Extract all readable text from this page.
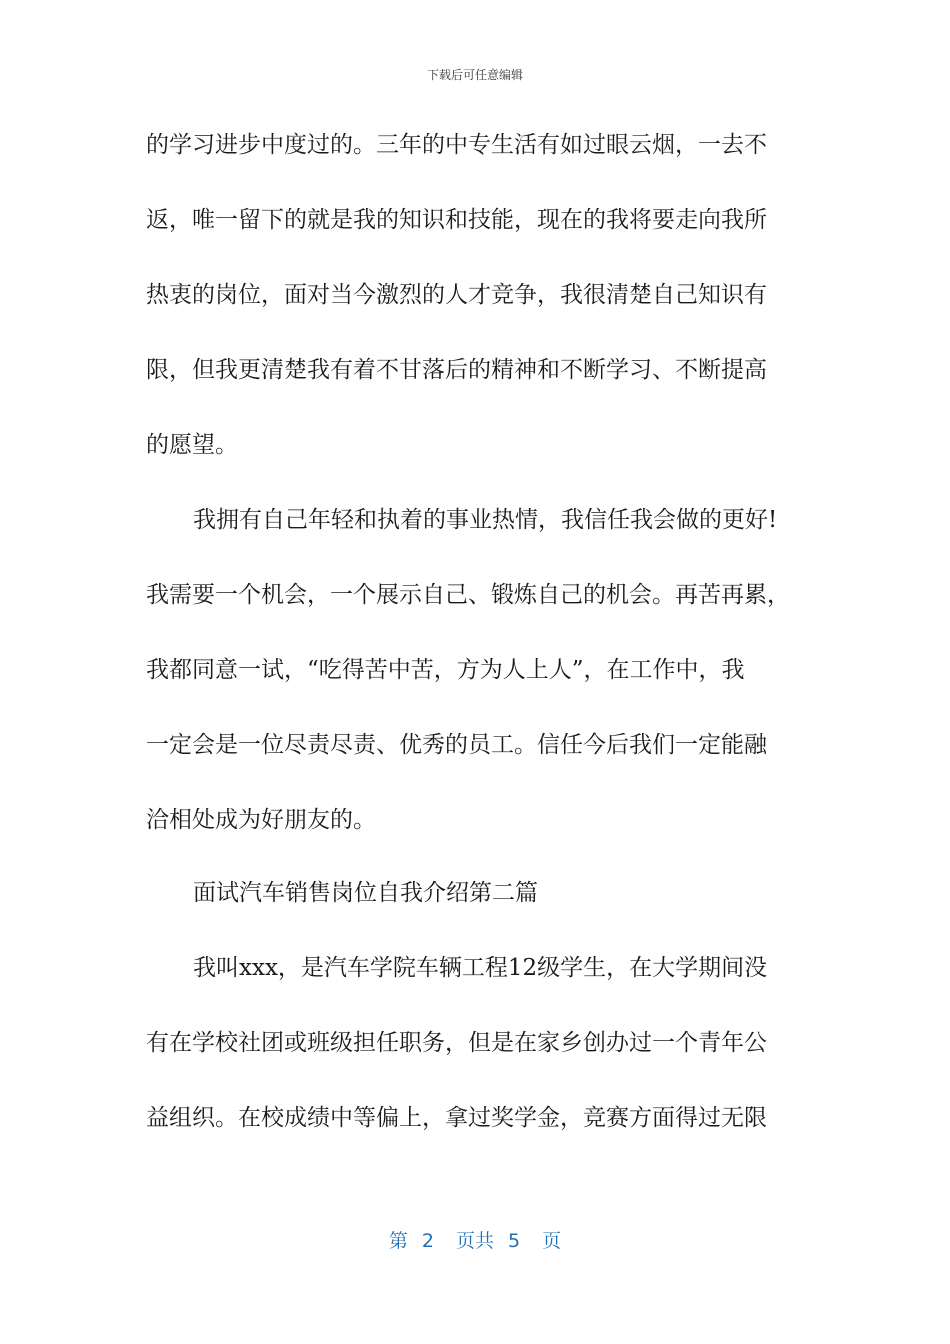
下载后可任意编辑
的学习进步中度过的。三年的中专生活有如过眼云烟，一去不
返，唯一留下的就是我的知识和技能，现在的我将要走向我所
热衷的岗位，面对当今激烈的人才竞争，我很清楚自己知识有
限，但我更清楚我有着不甘落后的精神和不断学习、不断提高
的愿望。
我拥有自己年轻和执着的事业热情，我信任我会做的更好!
我需要一个机会，一个展示自己、锻炼自己的机会。再苦再累，
我都同意一试，“吃得苦中苦，方为人上人”，在工作中，我
一定会是一位尽责尽责、优秀的员工。信任今后我们一定能融
洽相处成为好朋友的。
面试汽车销售岗位自我介绍第二篇
我叫xxx，是汽车学院车辆工程12级学生，在大学期间没
有在学校社团或班级担任职务，但是在家乡创办过一个青年公
益组织。在校成绩中等偏上，拿过奖学金，竞赛方面得过无限
第 2 页共 5 页
